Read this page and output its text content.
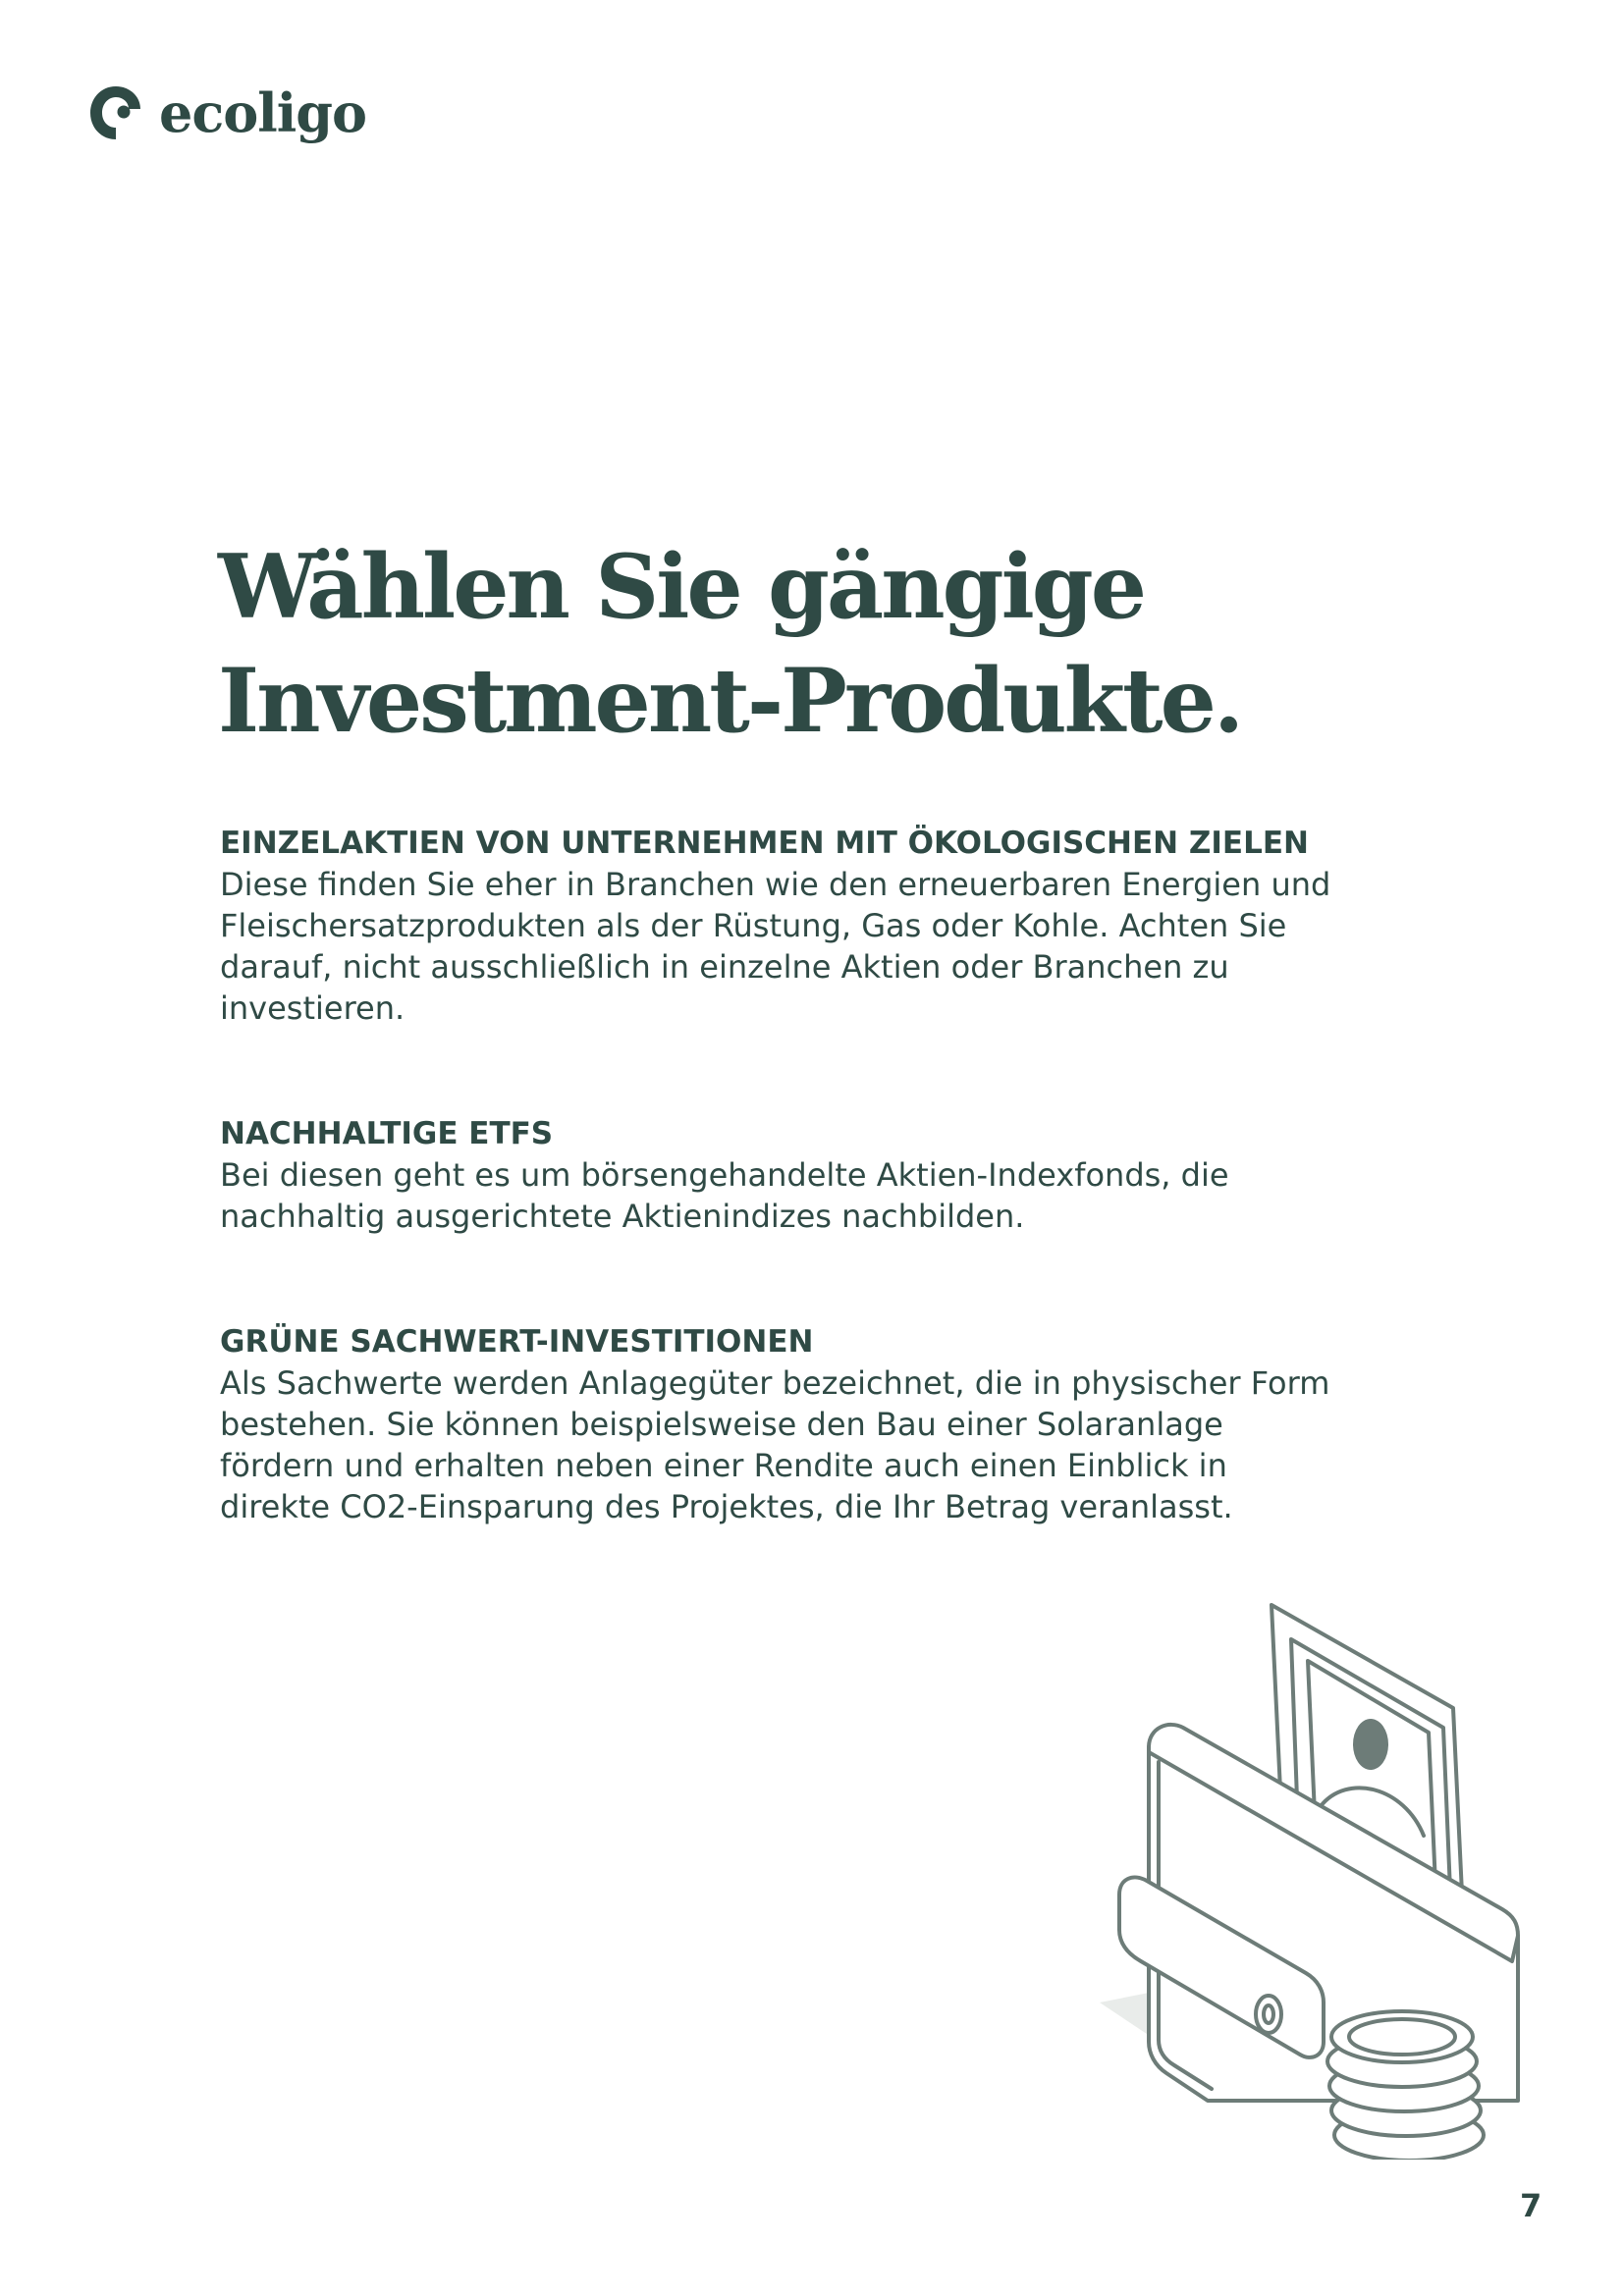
ecoligo
Wählen Sie gängige
Investment-Produkte.
EINZELAKTIEN VON UNTERNEHMEN MIT ÖKOLOGISCHEN ZIELEN

Diese finden Sie eher in Branchen wie den erneuerbaren Energien und

Fleischersatzprodukten als der Rüstung, Gas oder Kohle. Achten Sie

darauf, nicht ausschließlich in einzelne Aktien oder Branchen zu

investieren.

NACHHALTIGE ETFS

Bei diesen geht es um börsengehandelte Aktien-Indexfonds, die

nachhaltig ausgerichtete Aktienindizes nachbilden.

GRÜNE SACHWERT-INVESTITIONEN

Als Sachwerte werden Anlagegüter bezeichnet, die in physischer Form

bestehen. Sie können beispielsweise den Bau einer Solaranlage

fördern und erhalten neben einer Rendite auch einen Einblick in

direkte CO2-Einsparung des Projektes, die Ihr Betrag veranlasst.

7
